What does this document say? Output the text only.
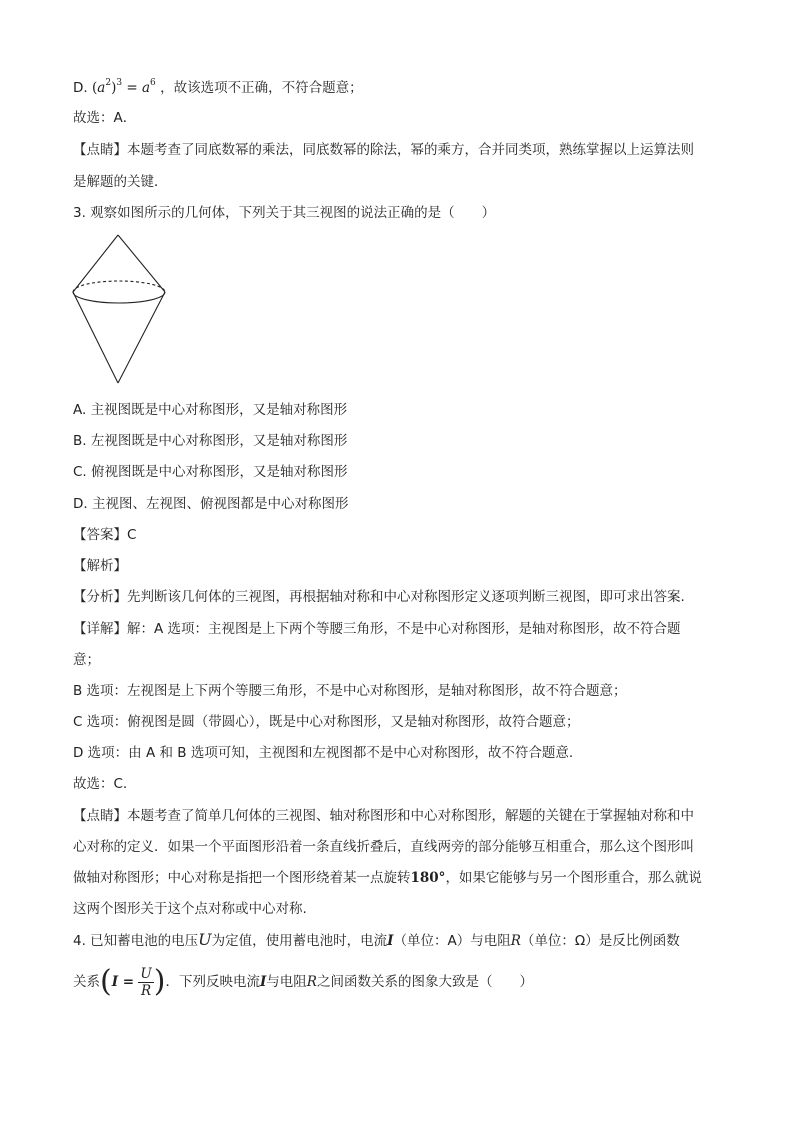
D. $(a^2)^3 = a^6$ ，故该选项不正确，不符合题意；
故选：A．
【点睛】本题考查了同底数幂的乘法，同底数幂的除法，幂的乘方，合并同类项，熟练掌握以上运算法则
是解题的关键．
3. 观察如图所示的几何体，下列关于其三视图的说法正确的是（　　）
A. 主视图既是中心对称图形，又是轴对称图形
B. 左视图既是中心对称图形，又是轴对称图形
C. 俯视图既是中心对称图形，又是轴对称图形
D. 主视图、左视图、俯视图都是中心对称图形
【答案】C
【解析】
【分析】先判断该几何体的三视图，再根据轴对称和中心对称图形定义逐项判断三视图，即可求出答案.
【详解】解：A 选项：主视图是上下两个等腰三角形，不是中心对称图形，是轴对称图形，故不符合题
意；
B 选项：左视图是上下两个等腰三角形，不是中心对称图形，是轴对称图形，故不符合题意；
C 选项：俯视图是圆（带圆心），既是中心对称图形，又是轴对称图形，故符合题意；
D 选项：由 A 和 B 选项可知，主视图和左视图都不是中心对称图形，故不符合题意.
故选：C.
【点睛】本题考查了简单几何体的三视图、轴对称图形和中心对称图形，解题的关键在于掌握轴对称和中
心对称的定义．如果一个平面图形沿着一条直线折叠后，直线两旁的部分能够互相重合，那么这个图形叫
做轴对称图形；中心对称是指把一个图形绕着某一点旋转180°，如果它能够与另一个图形重合，那么就说
这两个图形关于这个点对称或中心对称.
4. 已知蓄电池的电压U为定值，使用蓄电池时，电流I（单位：A）与电阻R（单位：Ω）是反比例函数
关系($I = \frac{U}{R}$ )．下列反映电流I与电阻R之间函数关系的图象大致是（　　）
